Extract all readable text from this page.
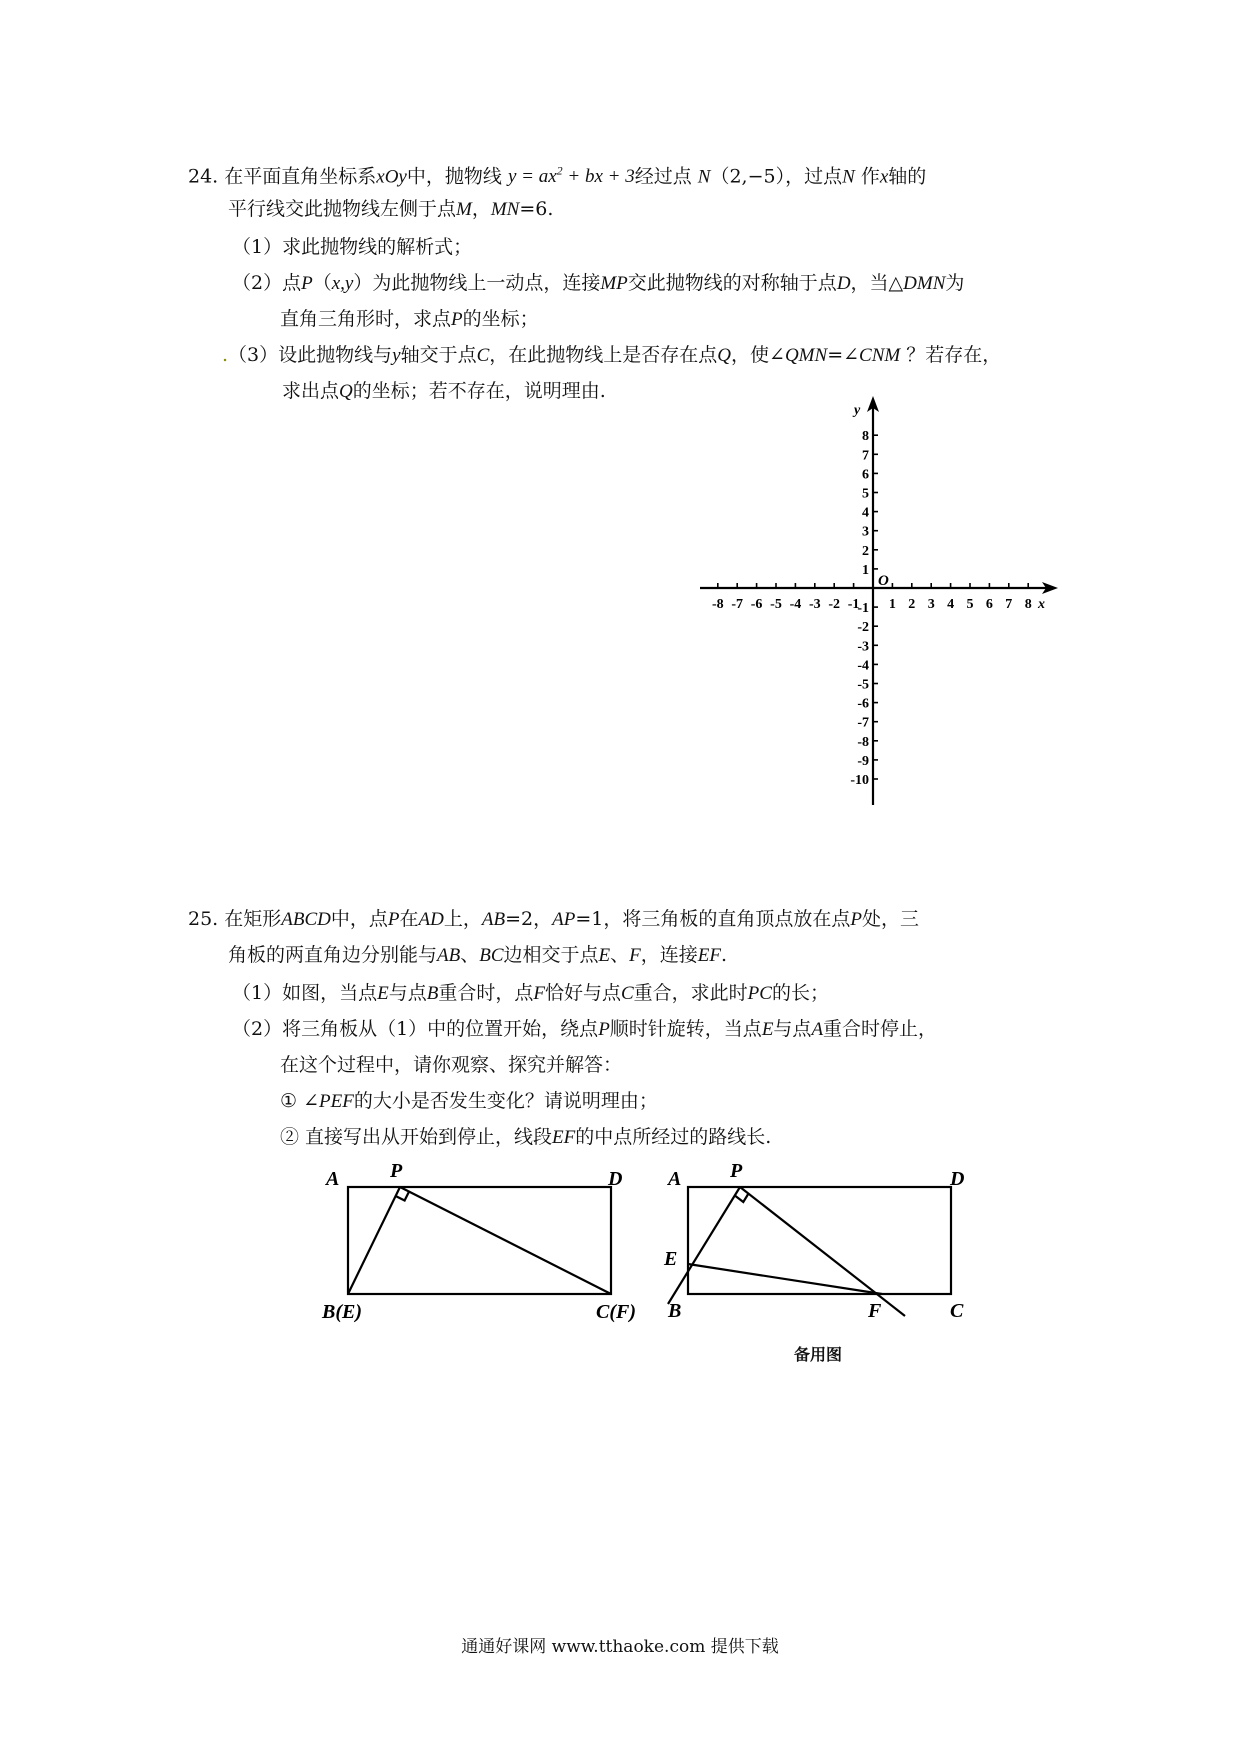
24. 在平面直角坐标系xOy中，抛物线 $y = ax^2$ + bx + 3经过点 N（2,−5），过点N 作x轴的
平行线交此抛物线左侧于点M，MN=6.
（1）求此抛物线的解析式；
（2）点P（x,y）为此抛物线上一动点，连接MP交此抛物线的对称轴于点D，当△DMN为
直角三角形时，求点P的坐标；
.（3）设此抛物线与y轴交于点C，在此抛物线上是否存在点Q，使∠QMN=∠CNM ？若存在，
求出点Q的坐标；若不存在，说明理由.
-8 -7 -6 -5 -4 -3 -2 -1 1 2 3 4 5 6 7 8
8
7
6
5
4
3
2
1
-1
-2
-3
-4
-5
-6
-7
-8
-9
-10
x
y
O
25. 在矩形ABCD中，点P在AD上，AB=2，AP=1，将三角板的直角顶点放在点P处，三
角板的两直角边分别能与AB、BC边相交于点E、F，连接EF.
（1）如图，当点E与点B重合时，点F恰好与点C重合，求此时PC的长；
（2）将三角板从（1）中的位置开始，绕点P顺时针旋转，当点E与点A重合时停止，
在这个过程中，请你观察、探究并解答：
① ∠PEF的大小是否发生变化？请说明理由；
② 直接写出从开始到停止，线段EF的中点所经过的路线长.
A	P	D
B(E)	C(F)
A P	D
E
B	F	C
备用图
通通好课网 www.tthaoke.com 提供下载
